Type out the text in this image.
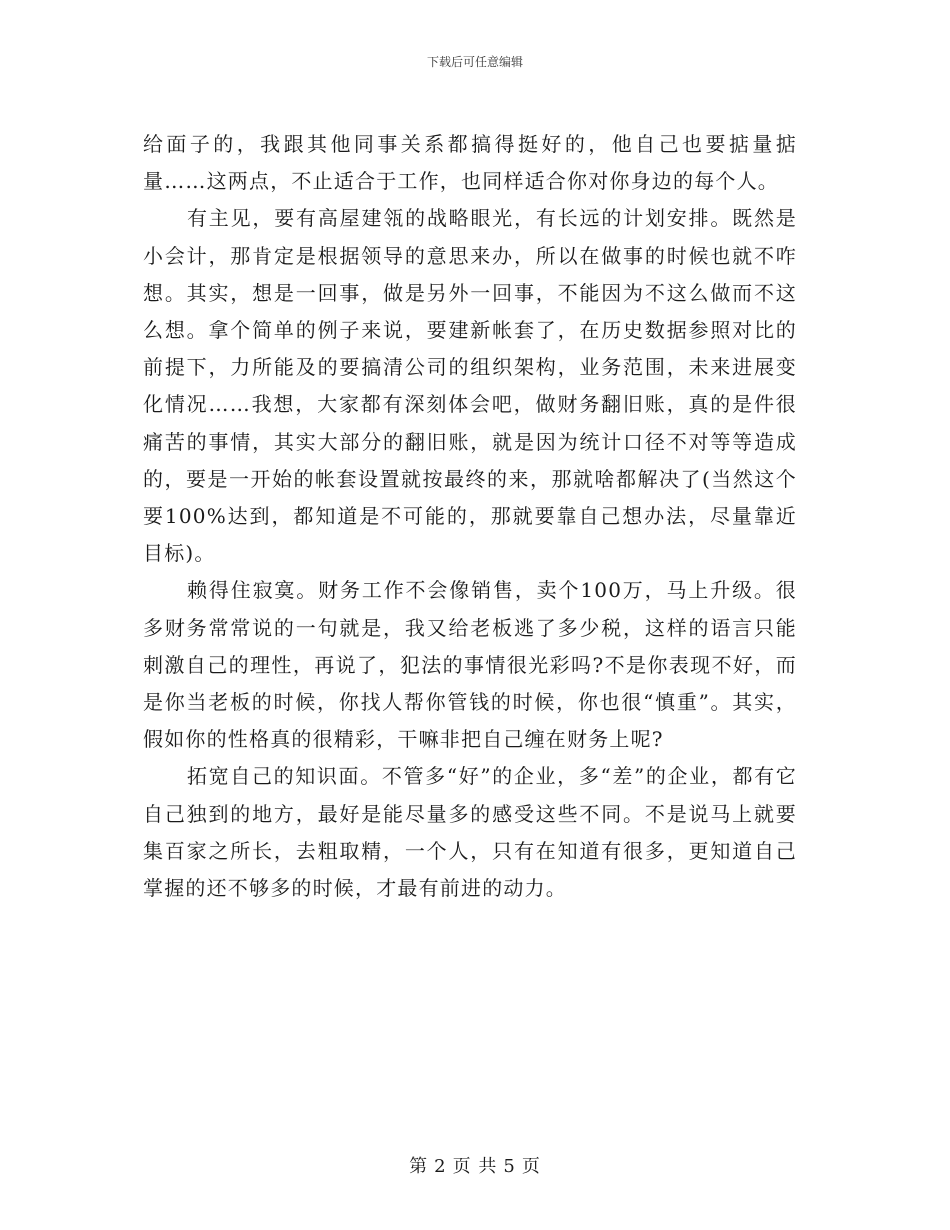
下载后可任意编辑

给面子的，我跟其他同事关系都搞得挺好的，他自己也要掂量掂量……这两点，不止适合于工作，也同样适合你对你身边的每个人。

有主见，要有高屋建瓴的战略眼光，有长远的计划安排。既然是小会计，那肯定是根据领导的意思来办，所以在做事的时候也就不咋想。其实，想是一回事，做是另外一回事，不能因为不这么做而不这么想。拿个简单的例子来说，要建新帐套了，在历史数据参照对比的前提下，力所能及的要搞清公司的组织架构，业务范围，未来进展变化情况……我想，大家都有深刻体会吧，做财务翻旧账，真的是件很痛苦的事情，其实大部分的翻旧账，就是因为统计口径不对等等造成的，要是一开始的帐套设置就按最终的来，那就啥都解决了(当然这个要100%达到，都知道是不可能的，那就要靠自己想办法，尽量靠近目标)。

赖得住寂寞。财务工作不会像销售，卖个100万，马上升级。很多财务常常说的一句就是，我又给老板逃了多少税，这样的语言只能刺激自己的理性，再说了，犯法的事情很光彩吗?不是你表现不好，而是你当老板的时候，你找人帮你管钱的时候，你也很“慎重”。其实，假如你的性格真的很精彩，干嘛非把自己缠在财务上呢?

拓宽自己的知识面。不管多“好”的企业，多“差”的企业，都有它自己独到的地方，最好是能尽量多的感受这些不同。不是说马上就要集百家之所长，去粗取精，一个人，只有在知道有很多，更知道自己掌握的还不够多的时候，才最有前进的动力。

第 2 页 共 5 页
